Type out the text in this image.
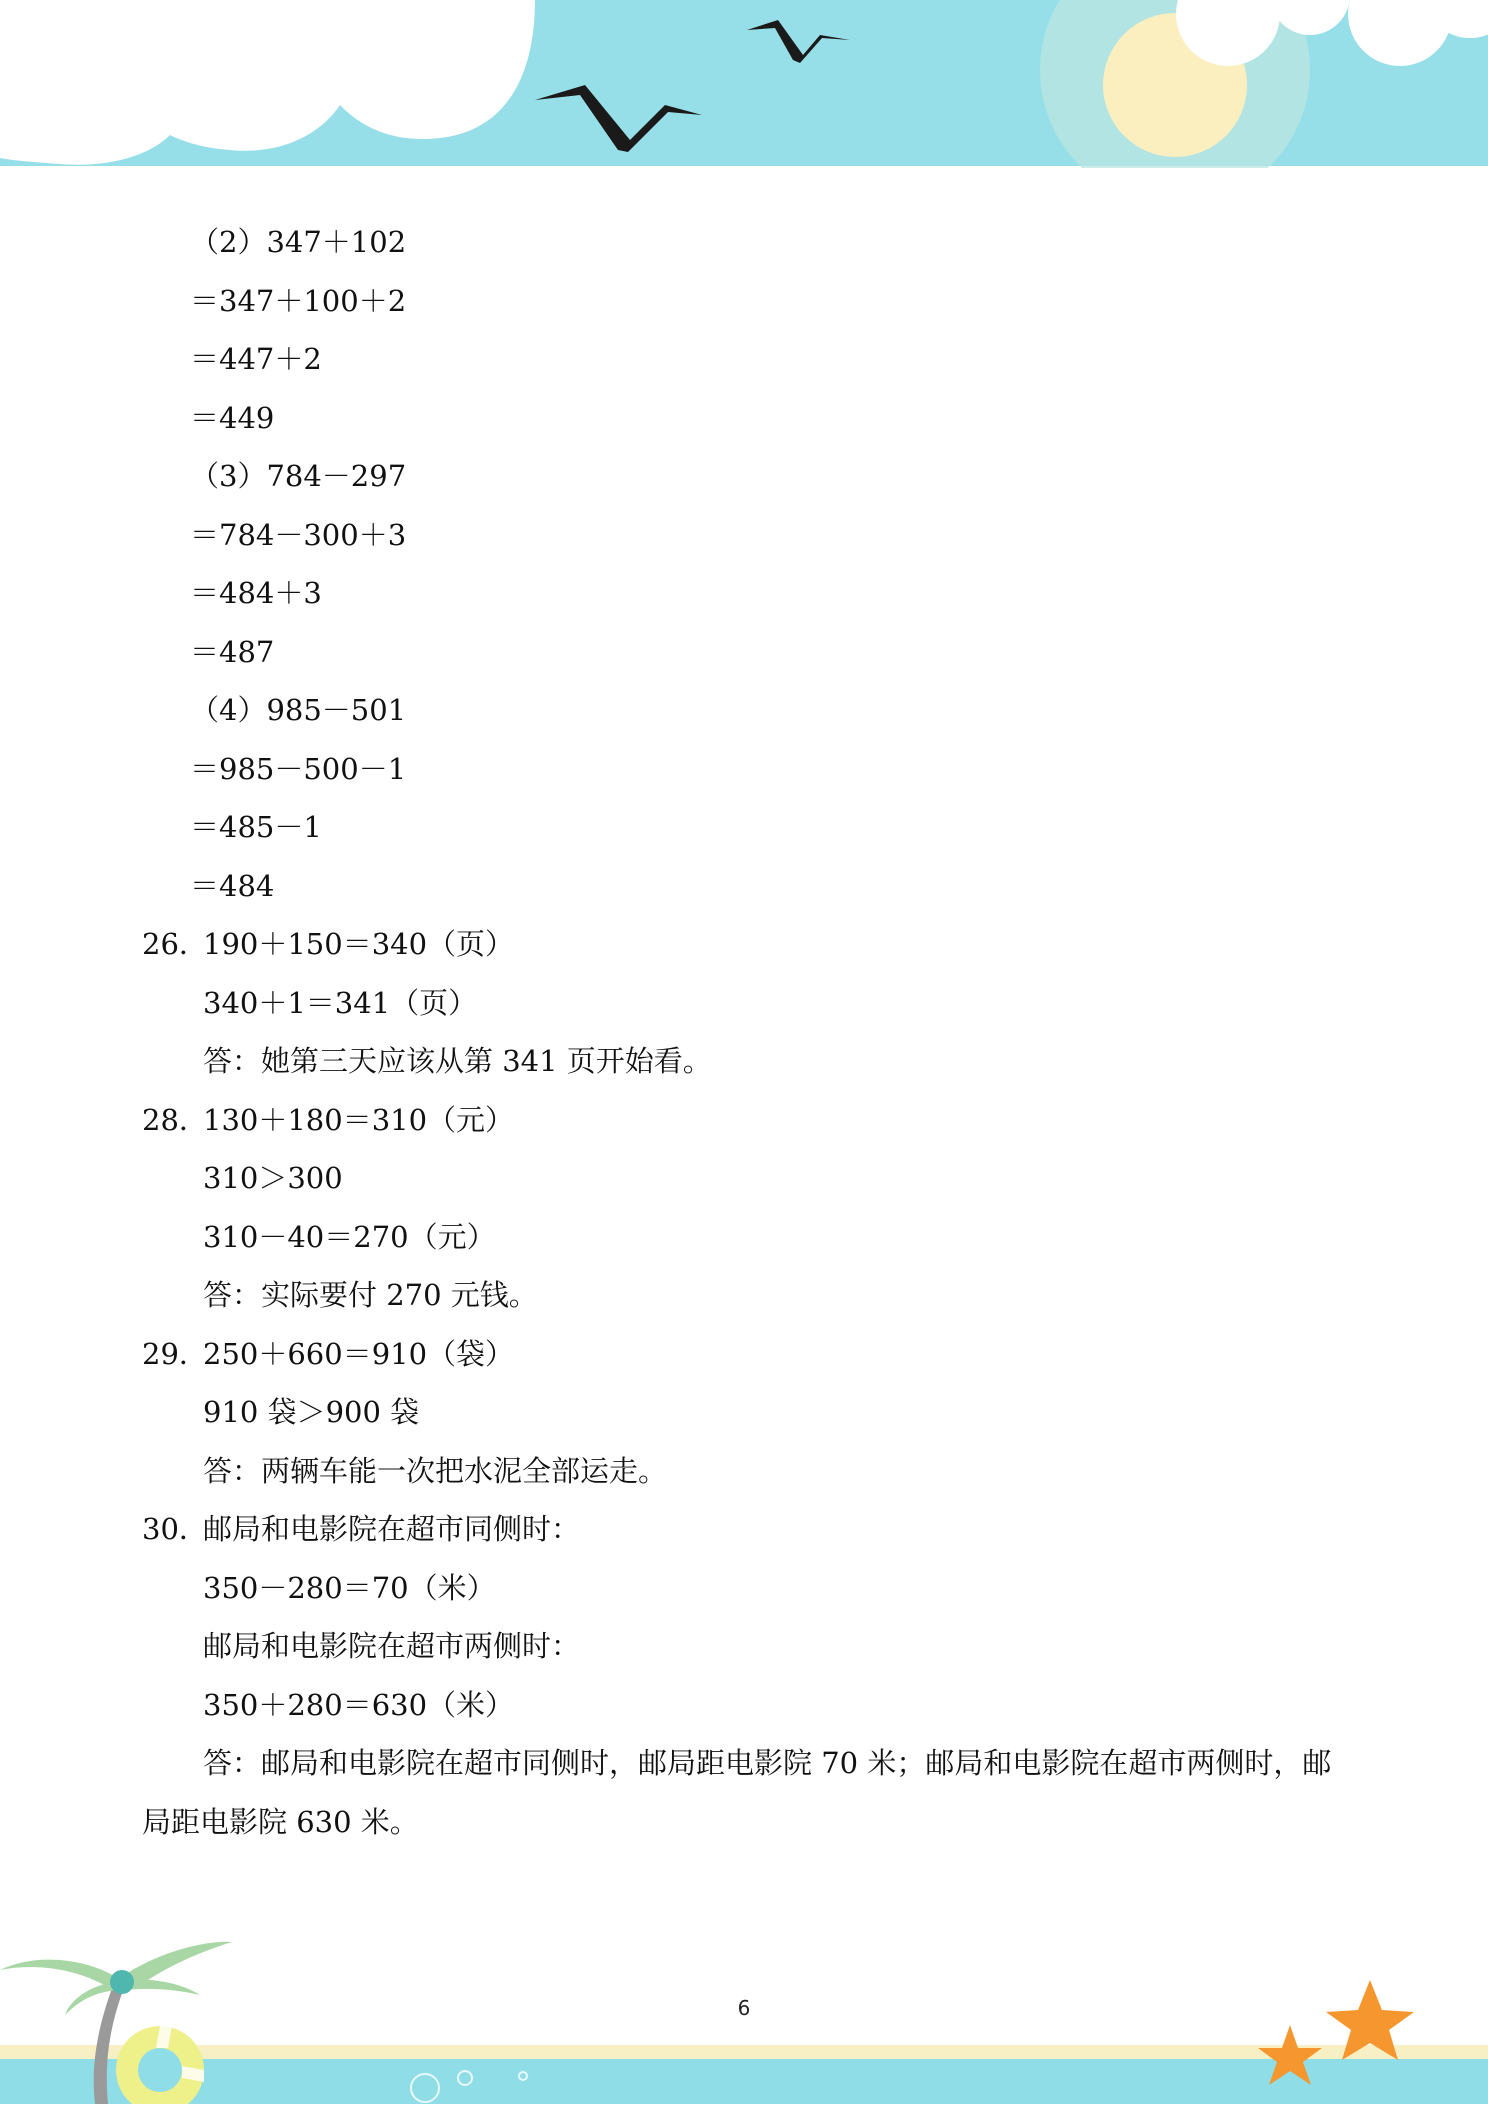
（2）347＋102
＝347＋100＋2
＝447＋2
＝449
（3）784－297
＝784－300＋3
＝484＋3
＝487
（4）985－501
＝985－500－1
＝485－1
＝484
26．
190＋150＝340（页）
340＋1＝341（页）
答：她第三天应该从第 341 页开始看。
28．
130＋180＝310（元）
310＞300
310－40＝270（元）
答：实际要付 270 元钱。
29．
250＋660＝910（袋）
910 袋＞900 袋
答：两辆车能一次把水泥全部运走。
30．
邮局和电影院在超市同侧时：
350－280＝70（米）
邮局和电影院在超市两侧时：
350＋280＝630（米）
答：邮局和电影院在超市同侧时，邮局距电影院 70 米；邮局和电影院在超市两侧时，邮
局距电影院 630 米。
6
